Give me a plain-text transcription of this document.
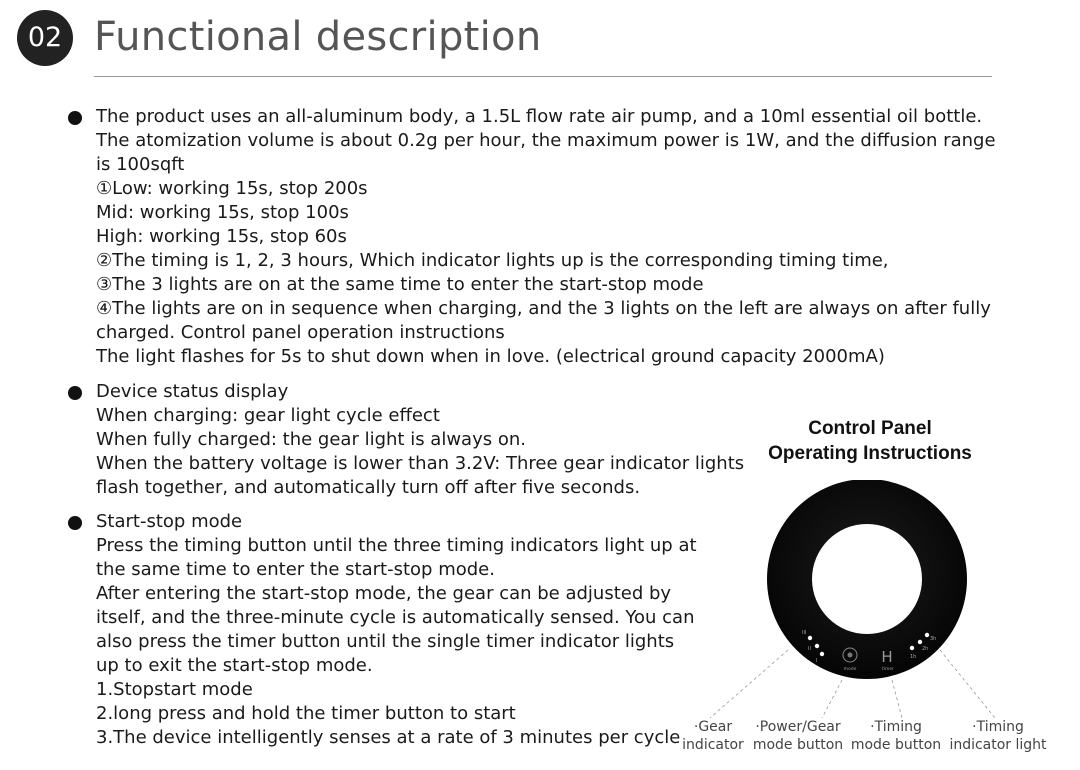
02 Functional description
The product uses an all-aluminum body, a 1.5L flow rate air pump, and a 10ml essential oil bottle.
The atomization volume is about 0.2g per hour, the maximum power is 1W, and the diffusion range
is 100sqft
①Low: working 15s, stop 200s
Mid: working 15s, stop 100s
High: working 15s, stop 60s
②The timing is 1, 2, 3 hours, Which indicator lights up is the corresponding timing time,
③The 3 lights are on at the same time to enter the start-stop mode
④The lights are on in sequence when charging, and the 3 lights on the left are always on after fully
charged. Control panel operation instructions
The light flashes for 5s to shut down when in love. (electrical ground capacity 2000mA)
Device status display
When charging: gear light cycle effect
When fully charged: the gear light is always on.
When the battery voltage is lower than 3.2V: Three gear indicator lights
flash together, and automatically turn off after five seconds.
Start-stop mode
Press the timing button until the three timing indicators light up at
the same time to enter the start-stop mode.
After entering the start-stop mode, the gear can be adjusted by
itself, and the three-minute cycle is automatically sensed. You can
also press the timer button until the single timer indicator lights
up to exit the start-stop mode.
1.Stopstart mode
2.long press and hold the timer button to start
3.The device intelligently senses at a rate of 3 minutes per cycle
Control Panel
Operating Instructions
III
II
I
mode
H
timer
1h
2h
3h
·Gear
indicator
·Power/Gear
mode button
·Timing
mode button
·Timing
indicator light
